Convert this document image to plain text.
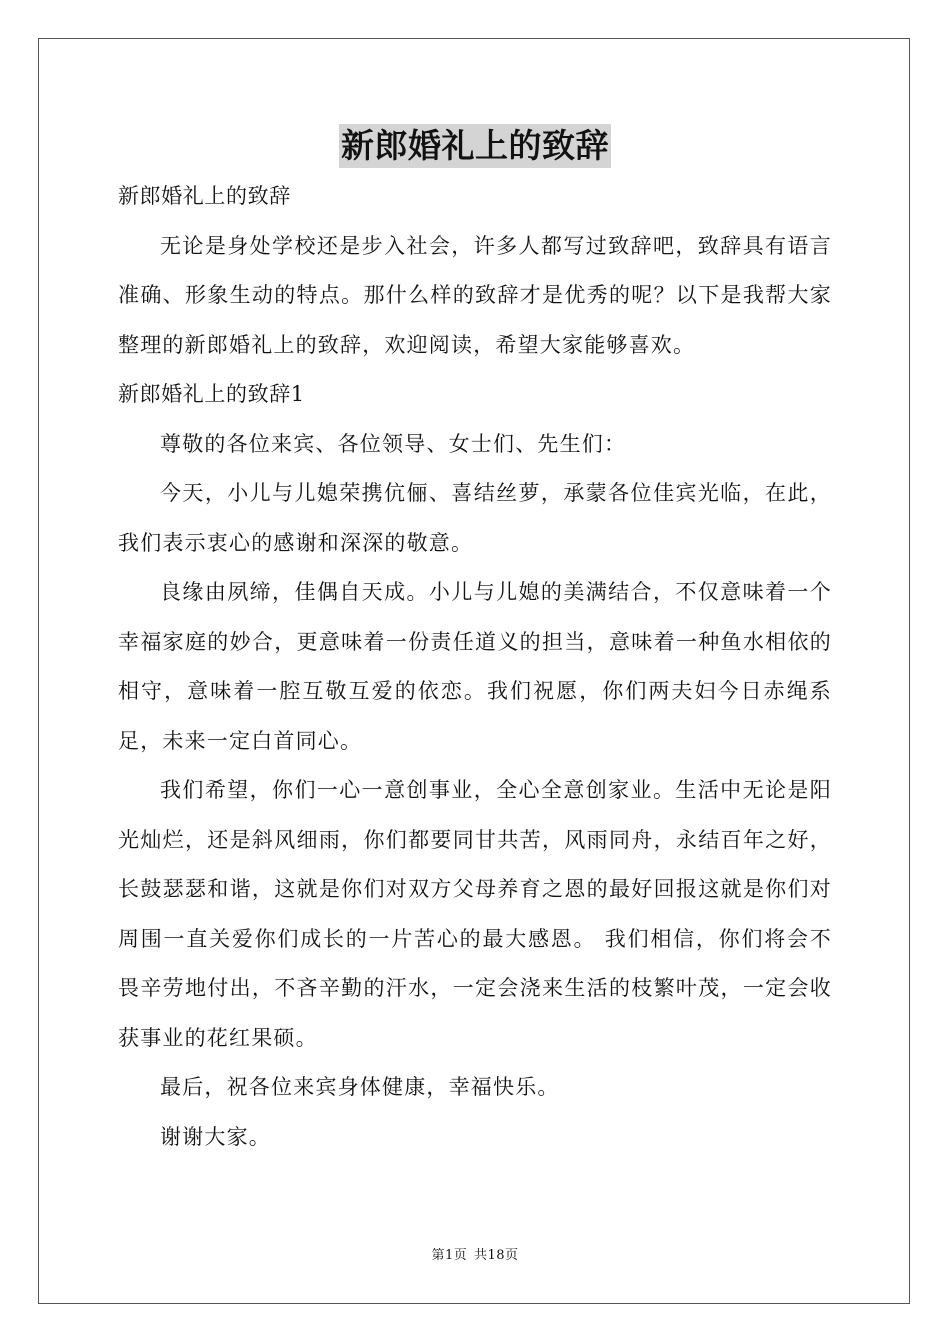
新郎婚礼上的致辞

新郎婚礼上的致辞

无论是身处学校还是步入社会，许多人都写过致辞吧，致辞具有语言准确、形象生动的特点。那什么样的致辞才是优秀的呢？以下是我帮大家整理的新郎婚礼上的致辞，欢迎阅读，希望大家能够喜欢。

新郎婚礼上的致辞1

尊敬的各位来宾、各位领导、女士们、先生们：

今天，小儿与儿媳荣携伉俪、喜结丝萝，承蒙各位佳宾光临，在此，我们表示衷心的感谢和深深的敬意。

良缘由夙缔，佳偶自天成。小儿与儿媳的美满结合，不仅意味着一个幸福家庭的妙合，更意味着一份责任道义的担当，意味着一种鱼水相依的相守，意味着一腔互敬互爱的依恋。我们祝愿，你们两夫妇今日赤绳系足，未来一定白首同心。

我们希望，你们一心一意创事业，全心全意创家业。生活中无论是阳光灿烂，还是斜风细雨，你们都要同甘共苦，风雨同舟，永结百年之好，长鼓瑟瑟和谐，这就是你们对双方父母养育之恩的最好回报这就是你们对周围一直关爱你们成长的一片苦心的最大感恩。 我们相信，你们将会不畏辛劳地付出，不吝辛勤的汗水，一定会浇来生活的枝繁叶茂，一定会收获事业的花红果硕。

最后，祝各位来宾身体健康，幸福快乐。

谢谢大家。

第1页 共18页
